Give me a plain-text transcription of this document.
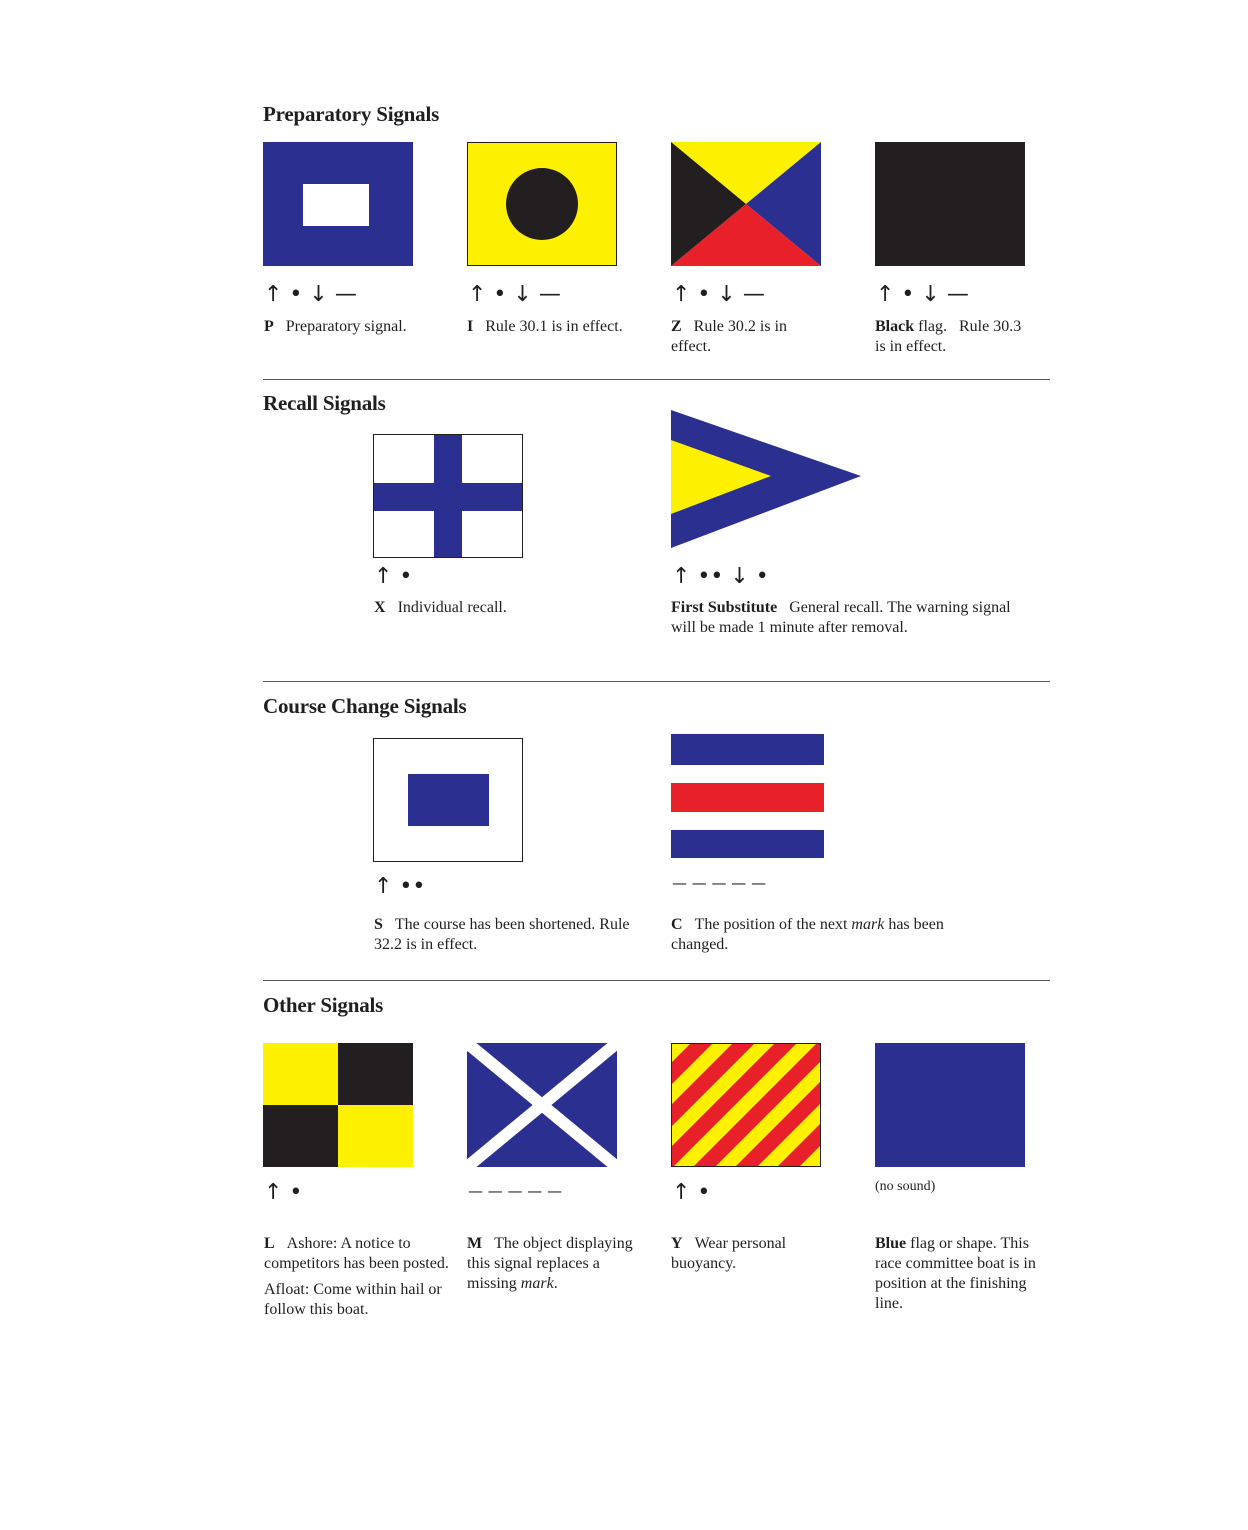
Preparatory Signals
↑ • ↓ —	↑ • ↓ —	↑ • ↓ —	↑ • ↓ —
P Preparatory signal.	I Rule 30.1 is in effect.	Z Rule 30.2 is in effect.
Black flag. Rule 30.3 is in effect.
Recall Signals
↑ •	↑ •• ↓ •
X Individual recall.	First Substitute General recall. The warning signal will be made 1 minute after removal.
Course Change Signals
↑ ••	— — — — —
S The course has been shortened. Rule 32.2 is in effect.
C The position of the next mark has been changed.
Other Signals
↑ •	— — — — —	↑ •	(no sound)

L Ashore: A notice to competitors has been posted.

Afloat: Come within hail or follow this boat.

M The object displaying this signal replaces a missing mark.
Y Wear personal buoyancy.
Blue flag or shape. This race committee boat is in position at the finishing line.
